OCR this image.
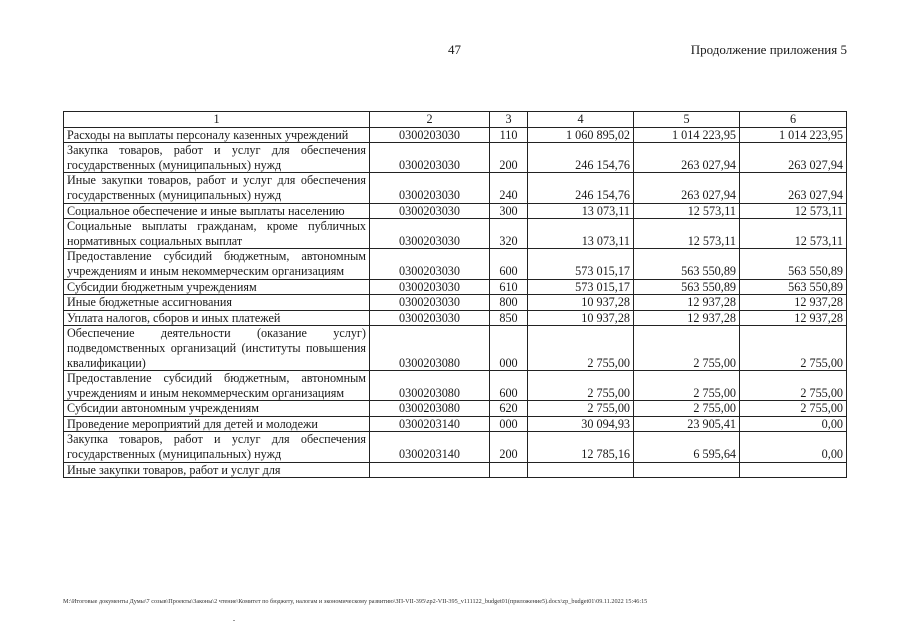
47	Продолжение приложения 5
1	2	3	4	5	6
Расходы на выплаты персоналу казенных учреждений	0300203030	110	1 060 895,02	1 014 223,95	1 014 223,95
Закупка товаров, работ и услуг для обеспечения государственных (муниципальных) нужд	0300203030	200	246 154,76	263 027,94	263 027,94
Иные закупки товаров, работ и услуг для обеспечения государственных (муниципальных) нужд	0300203030	240	246 154,76	263 027,94	263 027,94
Социальное обеспечение и иные выплаты населению	0300203030	300	13 073,11	12 573,11	12 573,11
Социальные выплаты гражданам, кроме публичных нормативных социальных выплат	0300203030	320	13 073,11	12 573,11	12 573,11
Предоставление субсидий бюджетным, автономным учреждениям и иным некоммерческим организациям	0300203030	600	573 015,17	563 550,89	563 550,89
Субсидии бюджетным учреждениям	0300203030	610	573 015,17	563 550,89	563 550,89
Иные бюджетные ассигнования	0300203030	800	10 937,28	12 937,28	12 937,28
Уплата налогов, сборов и иных платежей	0300203030	850	10 937,28	12 937,28	12 937,28
Обеспечение деятельности (оказание услуг) подведомственных организаций (институты повышения квалификации)	0300203080	000	2 755,00	2 755,00	2 755,00
Предоставление субсидий бюджетным, автономным учреждениям и иным некоммерческим организациям	0300203080	600	2 755,00	2 755,00	2 755,00
Субсидии автономным учреждениям	0300203080	620	2 755,00	2 755,00	2 755,00
Проведение мероприятий для детей и молодежи	0300203140	000	30 094,93	23 905,41	0,00
Закупка товаров, работ и услуг для обеспечения государственных (муниципальных) нужд	0300203140	200	12 785,16	6 595,64	0,00
Иные закупки товаров, работ и услуг для					
M:\Итоговые документы Думы\7 созыв\Проекты\Законы\2 чтение\Комитет по бюджету, налогам и экономическому развитию\ЗП-VII-395\zp2-VII-395_v111122_budget01(приложение5).docx\zp_budget01\09.11.2022 15:46:15
